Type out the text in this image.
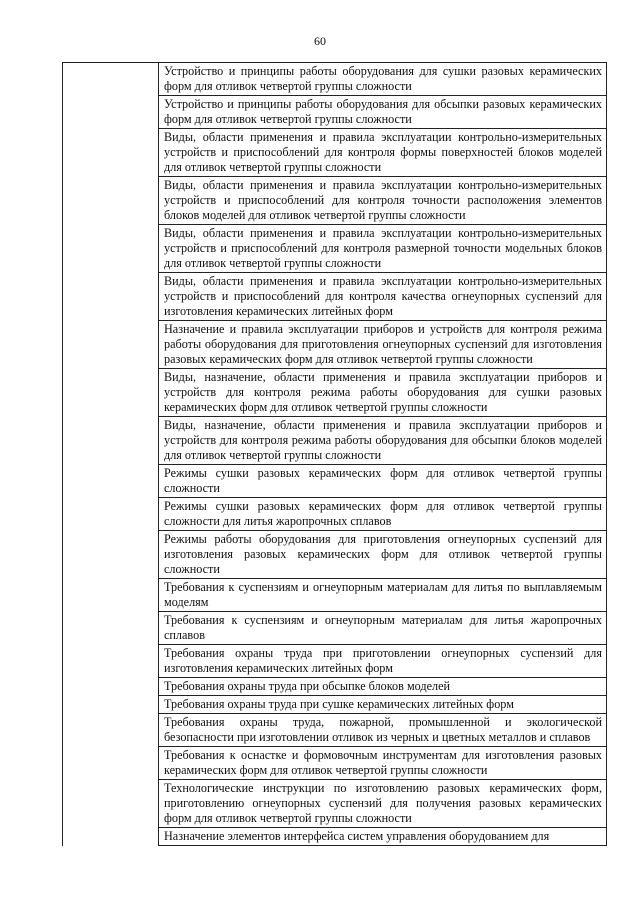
60
	Устройство и принципы работы оборудования для сушки разовых керамических форм для отливок четвертой группы сложности
Устройство и принципы работы оборудования для обсыпки разовых керамических форм для отливок четвертой группы сложности
Виды, области применения и правила эксплуатации контрольно-измерительных устройств и приспособлений для контроля формы поверхностей блоков моделей для отливок четвертой группы сложности
Виды, области применения и правила эксплуатации контрольно-измерительных устройств и приспособлений для контроля точности расположения элементов блоков моделей для отливок четвертой группы сложности
Виды, области применения и правила эксплуатации контрольно-измерительных устройств и приспособлений для контроля размерной точности модельных блоков для отливок четвертой группы сложности
Виды, области применения и правила эксплуатации контрольно-измерительных устройств и приспособлений для контроля качества огнеупорных суспензий для изготовления керамических литейных форм
Назначение и правила эксплуатации приборов и устройств для контроля режима работы оборудования для приготовления огнеупорных суспензий для изготовления разовых керамических форм для отливок четвертой группы сложности
Виды, назначение, области применения и правила эксплуатации приборов и устройств для контроля режима работы оборудования для сушки разовых керамических форм для отливок четвертой группы сложности
Виды, назначение, области применения и правила эксплуатации приборов и устройств для контроля режима работы оборудования для обсыпки блоков моделей для отливок четвертой группы сложности
Режимы сушки разовых керамических форм для отливок четвертой группы сложности
Режимы сушки разовых керамических форм для отливок четвертой группы сложности для литья жаропрочных сплавов
Режимы работы оборудования для приготовления огнеупорных суспензий для изготовления разовых керамических форм для отливок четвертой группы сложности
Требования к суспензиям и огнеупорным материалам для литья по выплавляемым моделям
Требования к суспензиям и огнеупорным материалам для литья жаропрочных сплавов
Требования охраны труда при приготовлении огнеупорных суспензий для изготовления керамических литейных форм
Требования охраны труда при обсыпке блоков моделей
Требования охраны труда при сушке керамических литейных форм
Требования охраны труда, пожарной, промышленной и экологической безопасности при изготовлении отливок из черных и цветных металлов и сплавов
Требования к оснастке и формовочным инструментам для изготовления разовых керамических форм для отливок четвертой группы сложности
Технологические инструкции по изготовлению разовых керамических форм, приготовлению огнеупорных суспензий для получения разовых керамических форм для отливок четвертой группы сложности
Назначение элементов интерфейса систем управления оборудованием для
